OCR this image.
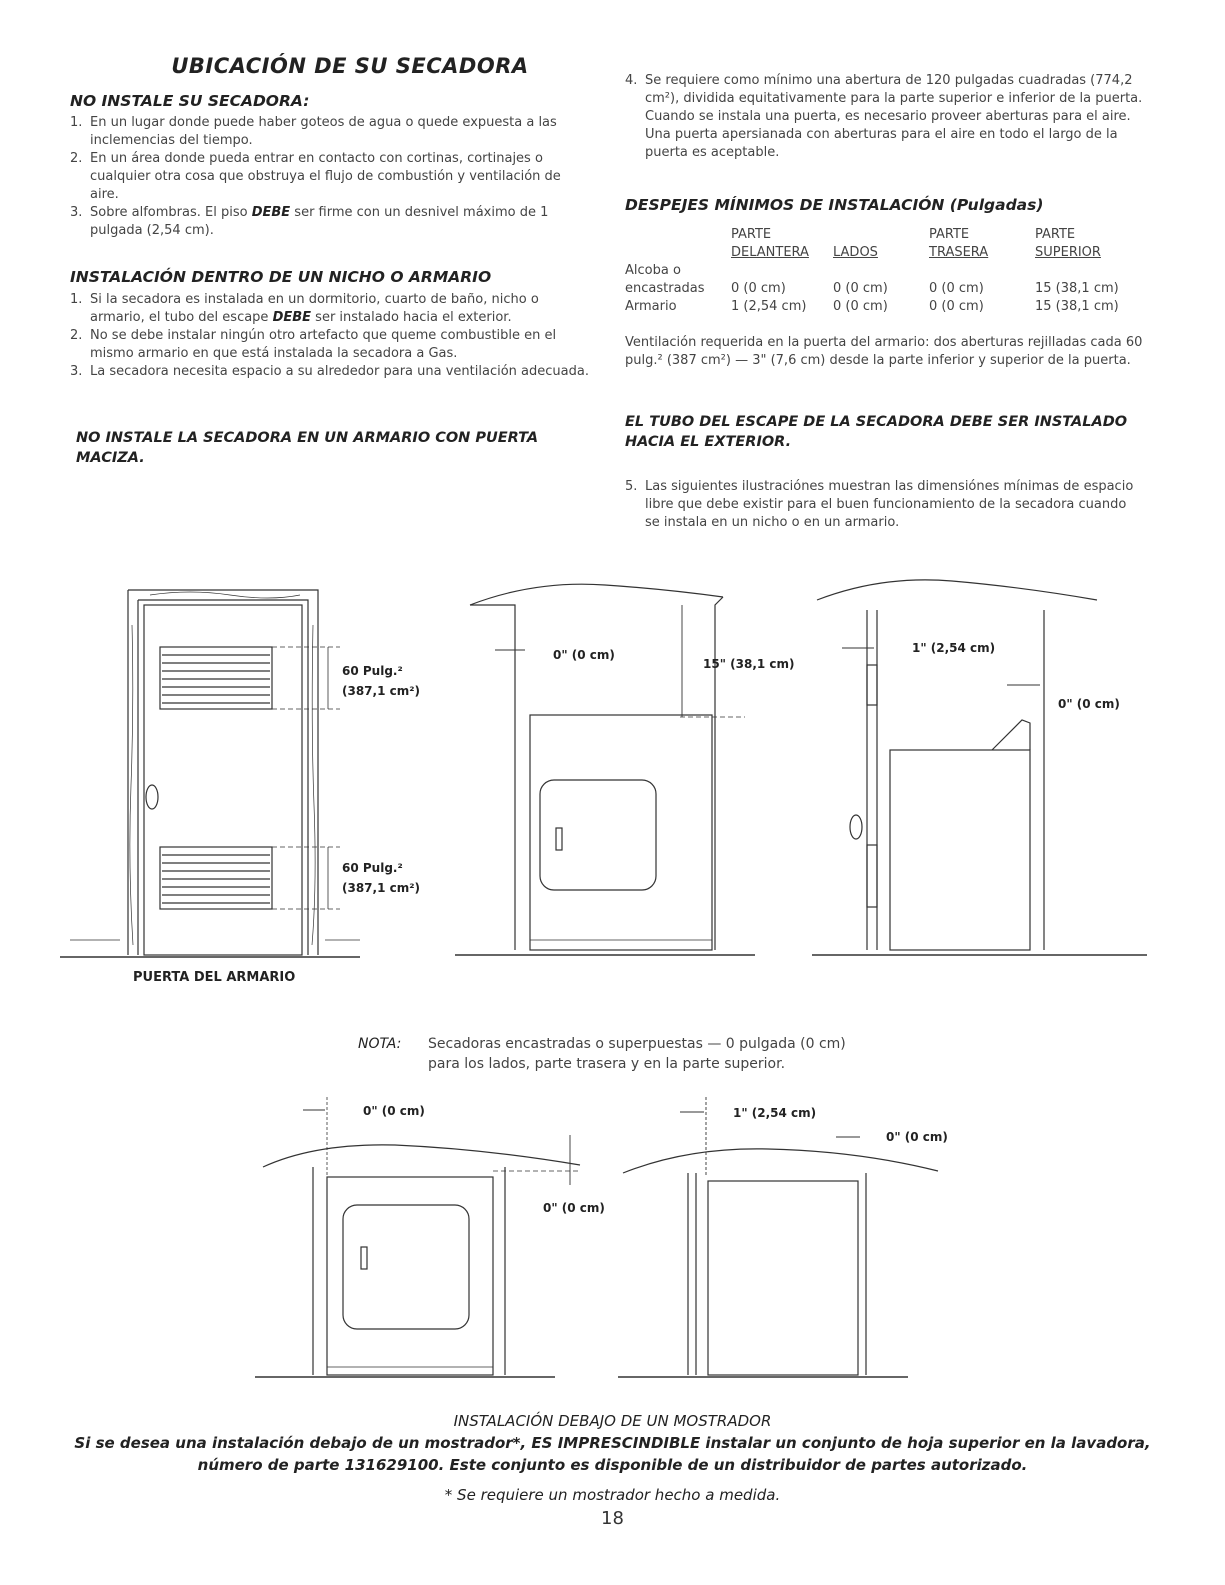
UBICACIÓN DE SU SECADORA
NO INSTALE SU SECADORA:
1. En un lugar donde puede haber goteos de agua o quede expuesta a las inclemencias del tiempo.
2. En un área donde pueda entrar en contacto con cortinas, cortinajes o cualquier otra cosa que obstruya el flujo de combustión y ventilación de aire.
3. Sobre alfombras. El piso DEBE ser firme con un desnivel máximo de 1 pulgada (2,54 cm).
INSTALACIÓN DENTRO DE UN NICHO O ARMARIO
1. Si la secadora es instalada en un dormitorio, cuarto de baño, nicho o armario, el tubo del escape DEBE ser instalado hacia el exterior.
2. No se debe instalar ningún otro artefacto que queme combustible en el mismo armario en que está instalada la secadora a Gas.
3. La secadora necesita espacio a su alrededor para una ventilación adecuada.
NO INSTALE LA SECADORA EN UN ARMARIO CON PUERTA MACIZA.
4. Se requiere como mínimo una abertura de 120 pulgadas cuadradas (774,2 cm²), dividida equitativamente para la parte superior e inferior de la puerta. Cuando se instala una puerta, es necesario proveer aberturas para el aire. Una puerta apersianada con aberturas para el aire en todo el largo de la puerta es aceptable.
DESPEJES MÍNIMOS DE INSTALACIÓN (Pulgadas)
	PARTE		PARTE	PARTE
	DELANTERA	LADOS	TRASERA	SUPERIOR
Alcoba o				
encastradas	0 (0 cm)	0 (0 cm)	0 (0 cm)	15 (38,1 cm)
Armario	1 (2,54 cm)	0 (0 cm)	0 (0 cm)	15 (38,1 cm)
Ventilación requerida en la puerta del armario: dos aberturas rejilladas cada 60 pulg.² (387 cm²) — 3" (7,6 cm) desde la parte inferior y superior de la puerta.
EL TUBO DEL ESCAPE DE LA SECADORA DEBE SER INSTALADO HACIA EL EXTERIOR.
5. Las siguientes ilustraciónes muestran las dimensiónes mínimas de espacio libre que debe existir para el buen funcionamiento de la secadora cuando se instala en un nicho o en un armario.
60 Pulg.²
(387,1 cm²)
60 Pulg.²
(387,1 cm²)
PUERTA DEL ARMARIO
0" (0 cm)
15" (38,1 cm)
1" (2,54 cm)
0" (0 cm)
NOTA: Secadoras encastradas o superpuestas — 0 pulgada (0 cm)
para los lados, parte trasera y en la parte superior.
0" (0 cm)
0" (0 cm)
1" (2,54 cm)
0" (0 cm)
INSTALACIÓN DEBAJO DE UN MOSTRADOR
Si se desea una instalación debajo de un mostrador*, ES IMPRESCINDIBLE instalar un conjunto de hoja superior en la lavadora,
número de parte 131629100. Este conjunto es disponible de un distribuidor de partes autorizado.
* Se requiere un mostrador hecho a medida.
18
